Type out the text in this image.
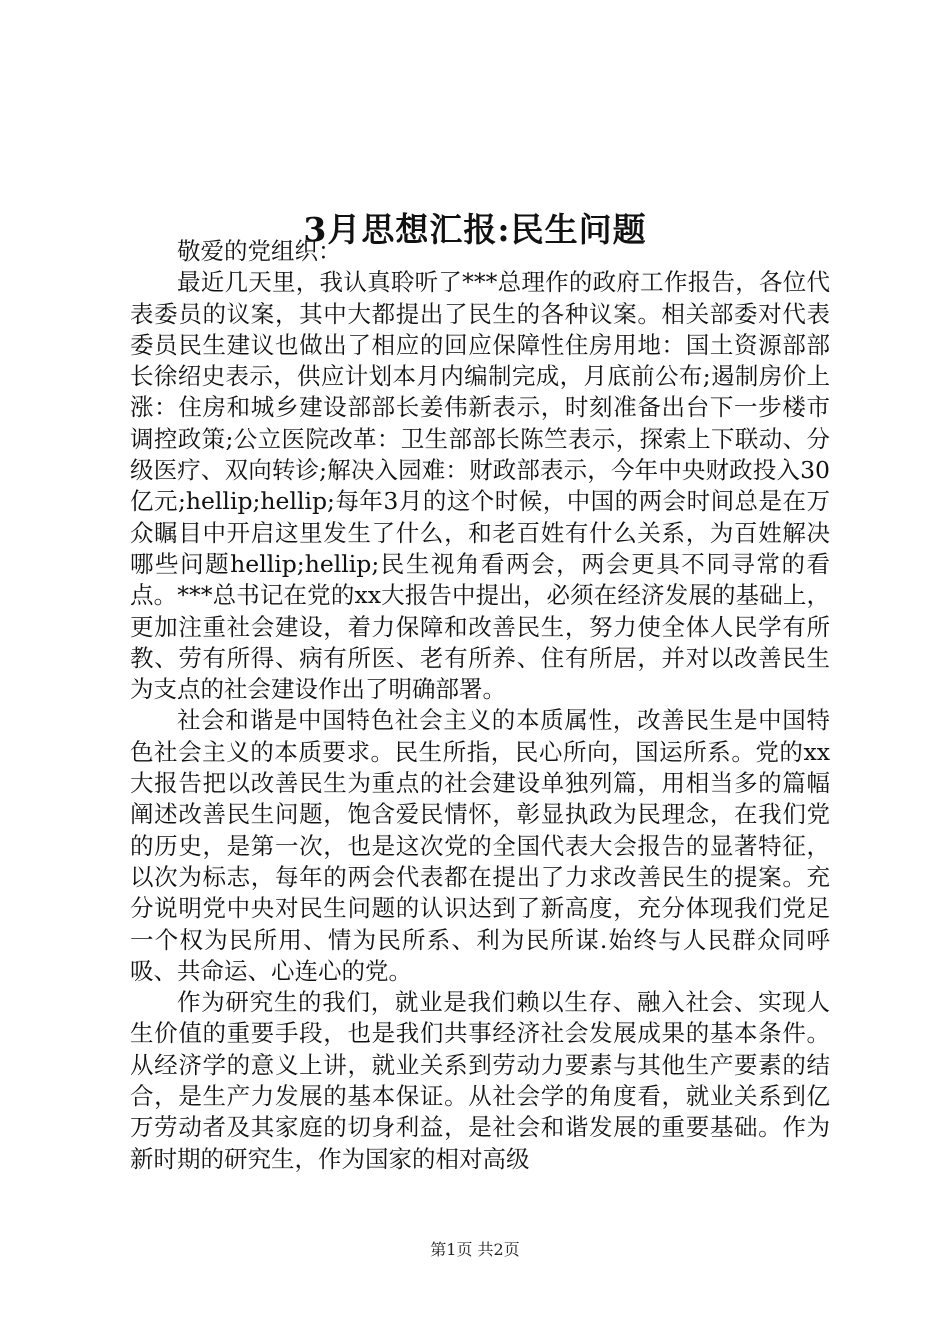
3月思想汇报:民生问题

敬爱的党组织：

最近几天里，我认真聆听了***总理作的政府工作报告，各位代表委员的议案，其中大都提出了民生的各种议案。相关部委对代表委员民生建议也做出了相应的回应保障性住房用地：国土资源部部长徐绍史表示，供应计划本月内编制完成，月底前公布;遏制房价上涨：住房和城乡建设部部长姜伟新表示，时刻准备出台下一步楼市调控政策;公立医院改革：卫生部部长陈竺表示，探索上下联动、分级医疗、双向转诊;解决入园难：财政部表示，今年中央财政投入30亿元;hellip;hellip;每年3月的这个时候，中国的两会时间总是在万众瞩目中开启这里发生了什么，和老百姓有什么关系，为百姓解决哪些问题hellip;hellip;民生视角看两会，两会更具不同寻常的看点。***总书记在党的xx大报告中提出，必须在经济发展的基础上，更加注重社会建设，着力保障和改善民生，努力使全体人民学有所教、劳有所得、病有所医、老有所养、住有所居，并对以改善民生为支点的社会建设作出了明确部署。

社会和谐是中国特色社会主义的本质属性，改善民生是中国特色社会主义的本质要求。民生所指，民心所向，国运所系。党的xx大报告把以改善民生为重点的社会建设单独列篇，用相当多的篇幅阐述改善民生问题，饱含爱民情怀，彰显执政为民理念，在我们党的历史，是第一次，也是这次党的全国代表大会报告的显著特征，以次为标志，每年的两会代表都在提出了力求改善民生的提案。充分说明党中央对民生问题的认识达到了新高度，充分体现我们党足一个权为民所用、情为民所系、利为民所谋.始终与人民群众同呼吸、共命运、心连心的党。

作为研究生的我们，就业是我们赖以生存、融入社会、实现人生价值的重要手段，也是我们共事经济社会发展成果的基本条件。从经济学的意义上讲，就业关系到劳动力要素与其他生产要素的结合，是生产力发展的基本保证。从社会学的角度看，就业关系到亿万劳动者及其家庭的切身利益，是社会和谐发展的重要基础。作为新时期的研究生，作为国家的相对高级

第1页 共2页
